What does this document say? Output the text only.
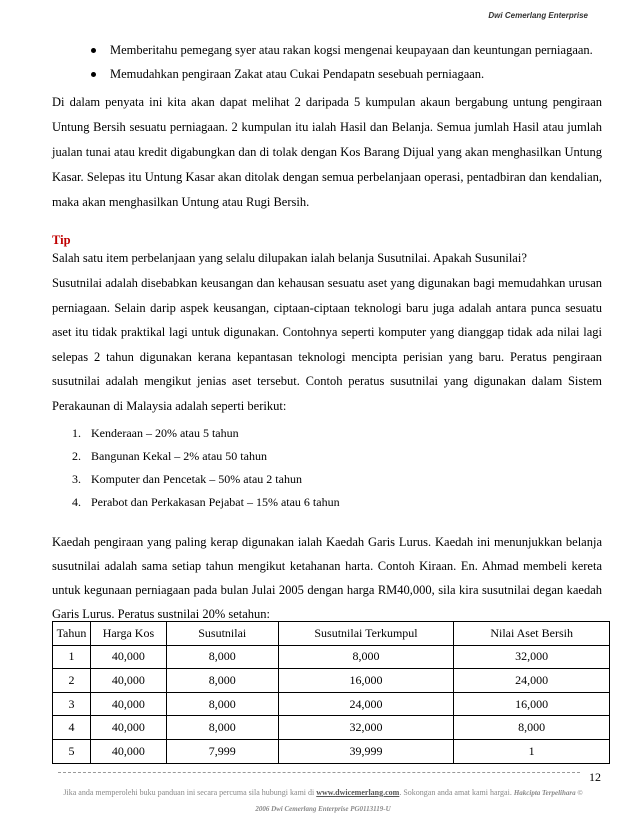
Dwi Cemerlang Enterprise
Memberitahu pemegang syer atau rakan kogsi mengenai keupayaan dan keuntungan perniagaan.
Memudahkan pengiraan Zakat atau Cukai Pendapatn sesebuah perniagaan.
Di dalam penyata ini kita akan dapat melihat 2 daripada 5 kumpulan akaun bergabung untung pengiraan Untung Bersih sesuatu perniagaan. 2 kumpulan itu ialah Hasil dan Belanja. Semua jumlah Hasil atau jumlah jualan tunai atau kredit digabungkan dan di tolak dengan Kos Barang Dijual yang akan menghasilkan Untung Kasar. Selepas itu Untung Kasar akan ditolak dengan semua perbelanjaan operasi, pentadbiran dan kendalian, maka akan menghasilkan Untung atau Rugi Bersih.
Tip
Salah satu item perbelanjaan yang selalu dilupakan ialah belanja Susutnilai. Apakah Susunilai?
Susutnilai adalah disebabkan keusangan dan kehausan sesuatu aset yang digunakan bagi memudahkan urusan perniagaan. Selain darip aspek keusangan, ciptaan-ciptaan teknologi baru juga adalah antara punca sesuatu aset itu tidak praktikal lagi untuk digunakan. Contohnya seperti komputer yang dianggap tidak ada nilai lagi selepas 2 tahun digunakan kerana kepantasan teknologi mencipta perisian yang baru. Peratus pengiraan susutnilai adalah mengikut jenias aset tersebut. Contoh peratus susutnilai yang digunakan dalam Sistem Perakaunan di Malaysia adalah seperti berikut:
1. Kenderaan – 20% atau 5 tahun
2. Bangunan Kekal – 2% atau 50 tahun
3. Komputer dan Pencetak – 50% atau 2 tahun
4. Perabot dan Perkakasan Pejabat – 15% atau 6 tahun
Kaedah pengiraan yang paling kerap digunakan ialah Kaedah Garis Lurus. Kaedah ini menunjukkan belanja susutnilai adalah sama setiap tahun mengikut ketahanan harta. Contoh Kiraan. En. Ahmad membeli kereta untuk kegunaan perniagaan pada bulan Julai 2005 dengan harga RM40,000, sila kira susutnilai degan kaedah Garis Lurus. Peratus sustnilai 20% setahun:
Tahun	Harga Kos	Susutnilai	Susutnilai Terkumpul	Nilai Aset Bersih
1	40,000	8,000	8,000	32,000
2	40,000	8,000	16,000	24,000
3	40,000	8,000	24,000	16,000
4	40,000	8,000	32,000	8,000
5	40,000	7,999	39,999	1
12
Jika anda memperolehi buku panduan ini secara percuma sila hubungi kami di www.dwicemerlang.com. Sokongan anda amat kami hargai. Hakcipta Terpelihara © 2006 Dwi Cemerlang Enterprise PG0113119-U
